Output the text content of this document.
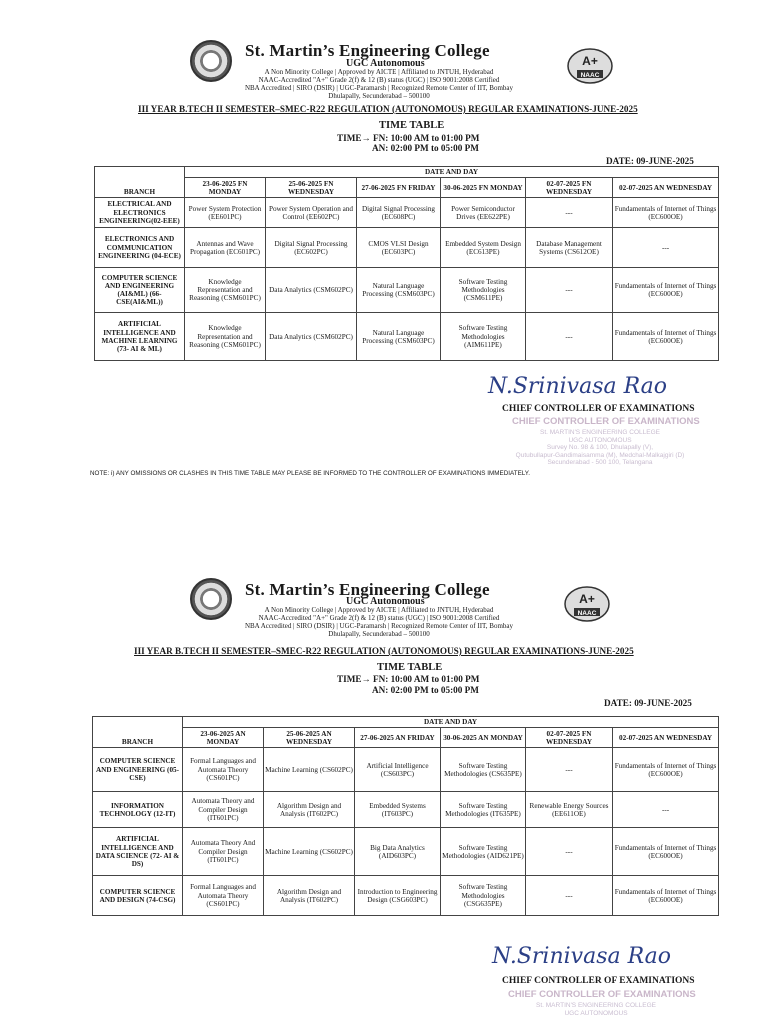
St. Martin’s Engineering College
UGC Autonomous
A Non Minority College | Approved by AICTE | Affiliated to JNTUH, Hyderabad
NAAC-Accredited "A+" Grade 2(f) & 12 (B) status (UGC) | ISO 9001:2008 Certified
NBA Accredited | SIRO (DSIR) | UGC-Paramarsh | Recognized Remote Center of IIT, Bombay
Dhulapally, Secunderabad – 500100
A+
NAAC
III YEAR B.TECH II SEMESTER–SMEC-R22 REGULATION (AUTONOMOUS) REGULAR EXAMINATIONS-JUNE-2025
TIME TABLE
TIME→ FN: 10:00 AM to 01:00 PM
AN: 02:00 PM to 05:00 PM
DATE: 09-JUNE-2025
BRANCH	DATE AND DAY					
	23-06-2025 FN MONDAY	25-06-2025 FN WEDNESDAY	27-06-2025 FN FRIDAY	30-06-2025 FN MONDAY	02-07-2025 FN WEDNESDAY	02-07-2025 AN WEDNESDAY
ELECTRICAL AND ELECTRONICS ENGINEERING(02-EEE)	Power System Protection (EE601PC)	Power System Operation and Control (EE602PC)	Digital Signal Processing (EC608PC)	Power Semiconductor Drives (EE622PE)	---	Fundamentals of Internet of Things (EC600OE)
ELECTRONICS AND COMMUNICATION ENGINEERING (04-ECE)	Antennas and Wave Propagation (EC601PC)	Digital Signal Processing (EC602PC)	CMOS VLSI Design (EC603PC)	Embedded System Design (EC613PE)	Database Management Systems (CS612OE)	---
COMPUTER SCIENCE AND ENGINEERING (AI&ML) (66-CSE(AI&ML))	Knowledge Representation and Reasoning (CSM601PC)	Data Analytics (CSM602PC)	Natural Language Processing (CSM603PC)	Software Testing Methodologies (CSM611PE)	---	Fundamentals of Internet of Things (EC600OE)
ARTIFICIAL INTELLIGENCE AND MACHINE LEARNING (73- AI & ML)	Knowledge Representation and Reasoning (CSM601PC)	Data Analytics (CSM602PC)	Natural Language Processing (CSM603PC)	Software Testing Methodologies (AIM611PE)	---	Fundamentals of Internet of Things (EC600OE)
N.Srinivasa Rao
CHIEF CONTROLLER OF EXAMINATIONS
CHIEF CONTROLLER OF EXAMINATIONS
St. MARTIN'S ENGINEERING COLLEGE
UGC AUTONOMOUS
Survey No. 98 & 100, Dhulapally (V),
Qutubullapur-Gandimaisamma (M), Medchal-Malkajgiri (D)
Secunderabad - 500 100, Telangana
NOTE: i) ANY OMISSIONS OR CLASHES IN THIS TIME TABLE MAY PLEASE BE INFORMED TO THE CONTROLLER OF EXAMINATIONS IMMEDIATELY.
St. Martin’s Engineering College
UGC Autonomous
A Non Minority College | Approved by AICTE | Affiliated to JNTUH, Hyderabad
NAAC-Accredited "A+" Grade 2(f) & 12 (B) status (UGC) | ISO 9001:2008 Certified
NBA Accredited | SIRO (DSIR) | UGC-Paramarsh | Recognized Remote Center of IIT, Bombay
Dhulapally, Secunderabad – 500100
A+
NAAC
III YEAR B.TECH II SEMESTER–SMEC-R22 REGULATION (AUTONOMOUS) REGULAR EXAMINATIONS-JUNE-2025
TIME TABLE
TIME→ FN: 10:00 AM to 01:00 PM
AN: 02:00 PM to 05:00 PM
DATE: 09-JUNE-2025
BRANCH	DATE AND DAY					
	23-06-2025 AN MONDAY	25-06-2025 AN WEDNESDAY	27-06-2025 AN FRIDAY	30-06-2025 AN MONDAY	02-07-2025 FN WEDNESDAY	02-07-2025 AN WEDNESDAY
COMPUTER SCIENCE AND ENGINEERING (05-CSE)	Formal Languages and Automata Theory (CS601PC)	Machine Learning (CS602PC)	Artificial Intelligence (CS603PC)	Software Testing Methodologies (CS635PE)	---	Fundamentals of Internet of Things (EC600OE)
INFORMATION TECHNOLOGY (12-IT)	Automata Theory and Compiler Design (IT601PC)	Algorithm Design and Analysis (IT602PC)	Embedded Systems (IT603PC)	Software Testing Methodologies (IT635PE)	Renewable Energy Sources (EE611OE)	---
ARTIFICIAL INTELLIGENCE AND DATA SCIENCE (72- AI & DS)	Automata Theory And Compiler Design (IT601PC)	Machine Learning (CS602PC)	Big Data Analytics (AID603PC)	Software Testing Methodologies (AID621PE)	---	Fundamentals of Internet of Things (EC600OE)
COMPUTER SCIENCE AND DESIGN (74-CSG)	Formal Languages and Automata Theory (CS601PC)	Algorithm Design and Analysis (IT602PC)	Introduction to Engineering Design (CSG603PC)	Software Testing Methodologies (CSG635PE)	---	Fundamentals of Internet of Things (EC600OE)
N.Srinivasa Rao
CHIEF CONTROLLER OF EXAMINATIONS
CHIEF CONTROLLER OF EXAMINATIONS
St. MARTIN'S ENGINEERING COLLEGE
UGC AUTONOMOUS
